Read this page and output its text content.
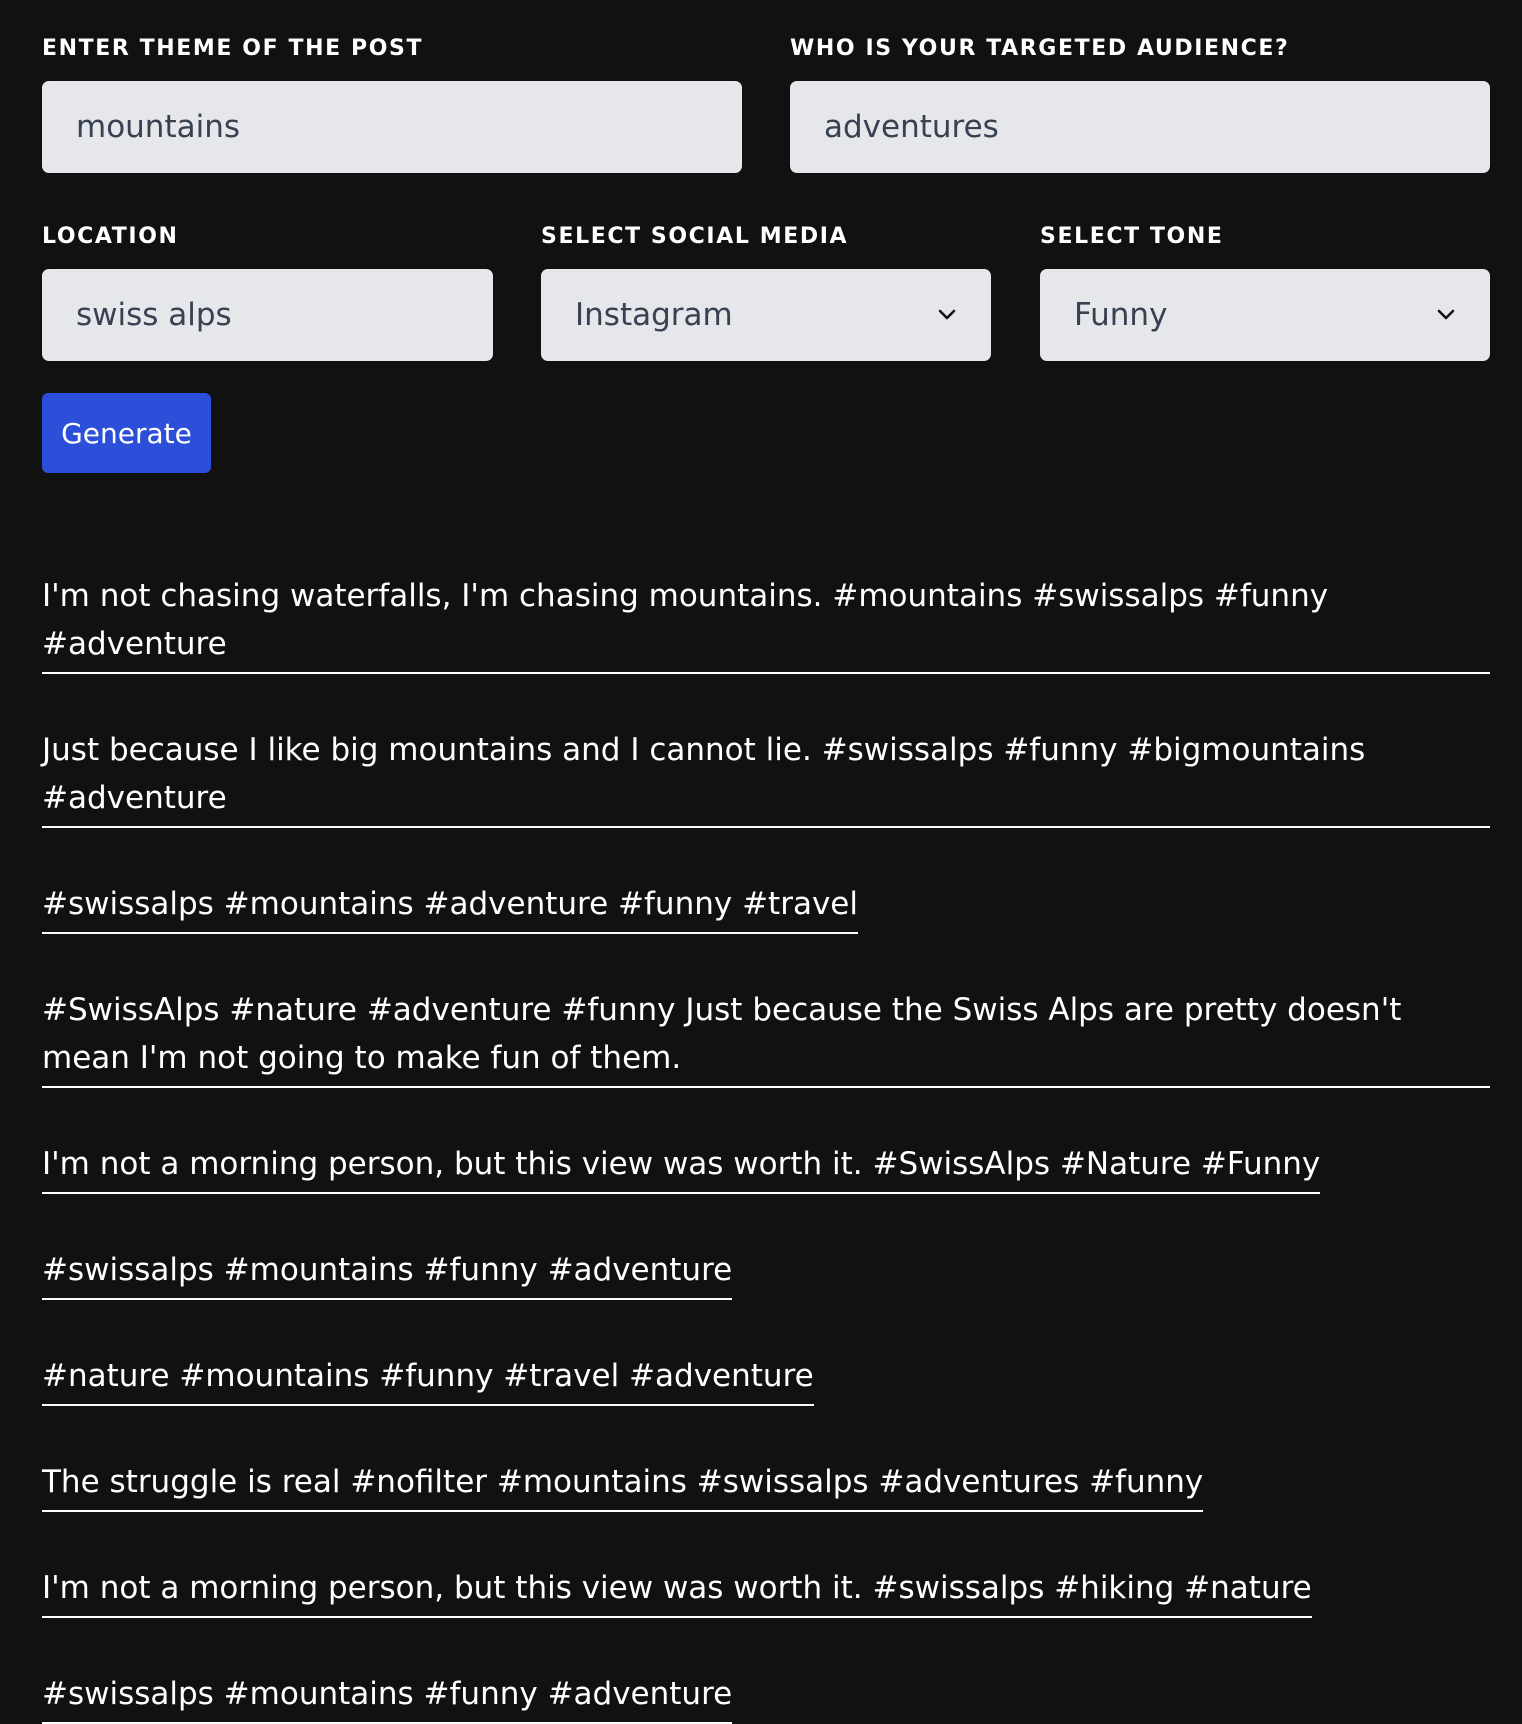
ENTER THEME OF THE POST
mountains
WHO IS YOUR TARGETED AUDIENCE?
adventures
LOCATION
swiss alps
SELECT SOCIAL MEDIA
Instagram
SELECT TONE
Funny
Generate
I'm not chasing waterfalls, I'm chasing mountains. #mountains #swissalps #funny #adventure
Just because I like big mountains and I cannot lie. #swissalps #funny #bigmountains #adventure
#swissalps #mountains #adventure #funny #travel
#SwissAlps #nature #adventure #funny Just because the Swiss Alps are pretty doesn't mean I'm not going to make fun of them.
I'm not a morning person, but this view was worth it. #SwissAlps #Nature #Funny
#swissalps #mountains #funny #adventure
#nature #mountains #funny #travel #adventure
The struggle is real #nofilter #mountains #swissalps #adventures #funny
I'm not a morning person, but this view was worth it. #swissalps #hiking #nature
#swissalps #mountains #funny #adventure
